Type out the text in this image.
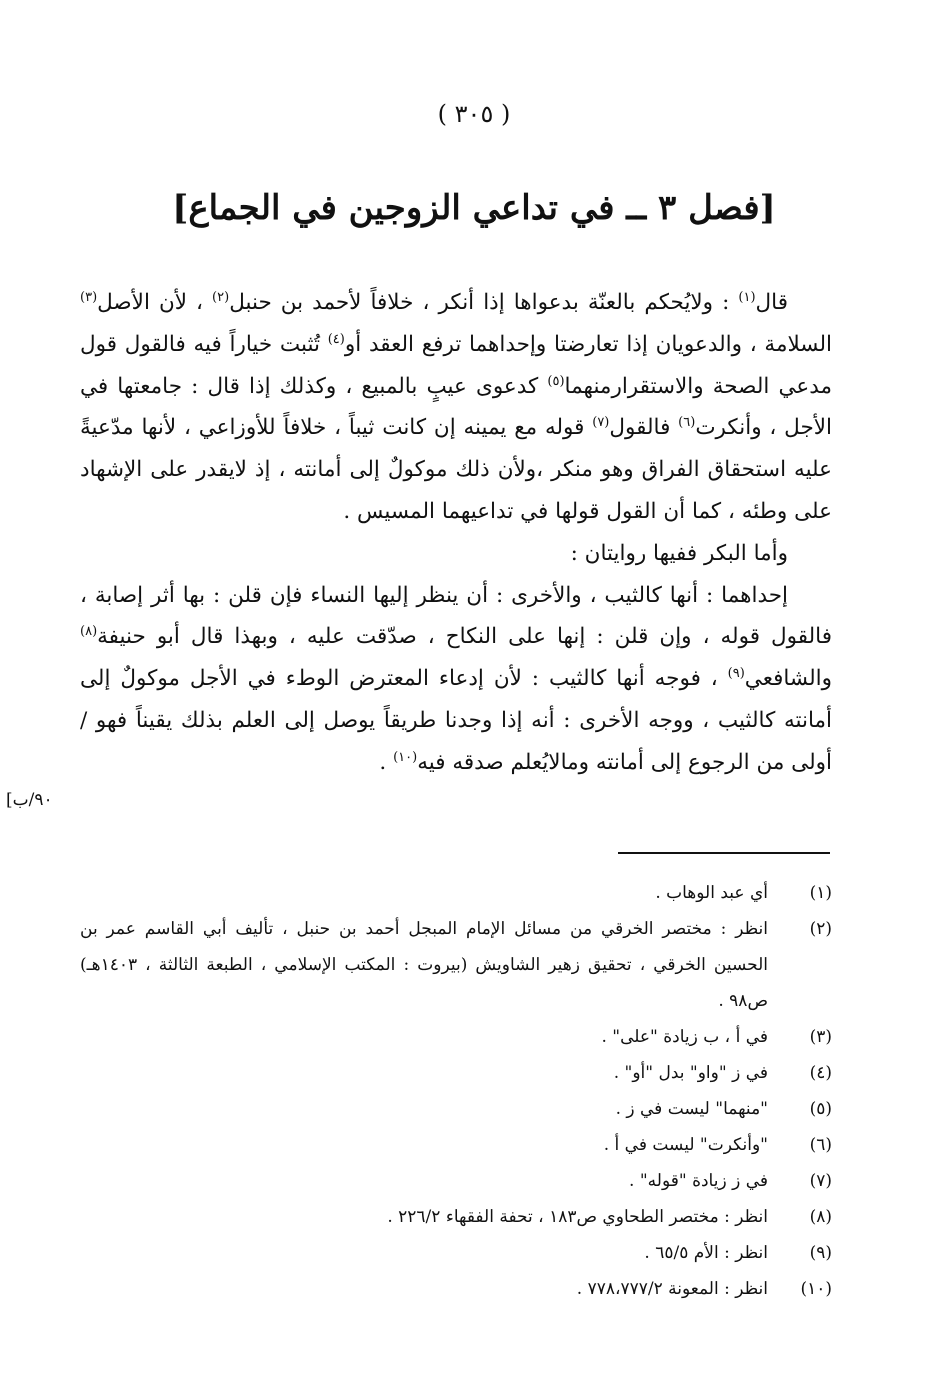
( ٣٠٥ )
[فصل ٣ ــ في تداعي الزوجين في الجماع]

قال$^{(١)}$ : ولايُحكم بالعنّة بدعواها إذا أنكر ، خلافاً لأحمد بن حنبل$^{(٢)}$ ، لأن الأصل$^{(٣)}$ السلامة ، والدعويان إذا تعارضتا وإحداهما ترفع العقد أو$^{(٤)}$ تُثبت خياراً فيه فالقول قول مدعي الصحة والاستقرارمنهما$^{(٥)}$ كدعوى عيبٍ بالمبيع ، وكذلك إذا قال : جامعتها في الأجل ، وأنكرت$^{(٦)}$ فالقول$^{(٧)}$ قوله مع يمينه إن كانت ثيباً ، خلافاً للأوزاعي ، لأنها مدّعيةً عليه استحقاق الفراق وهو منكر ،ولأن ذلك موكولٌ إلى أمانته ، إذ لايقدر على الإشهاد على وطئه ، كما أن القول قولها في تداعيهما المسيس .

وأما البكر ففيها روايتان :

إحداهما : أنها كالثيب ، والأخرى : أن ينظر إليها النساء فإن قلن : بها أثر إصابة ، فالقول قوله ، وإن قلن : إنها على النكاح ، صدّقت عليه ، وبهذا قال أبو حنيفة$^{(٨)}$ والشافعي$^{(٩)}$ ، فوجه أنها كالثيب : لأن إدعاء المعترض الوطء في الأجل موكولٌ إلى أمانته كالثيب ، ووجه الأخرى : أنه إذا وجدنا طريقاً يوصل إلى العلم بذلك يقيناً فهو / أولى من الرجوع إلى أمانته ومالايُعلم صدقه فيه$^{(١٠)}$ .

[٩٠/ب
(١)
أي عبد الوهاب .
(٢)
انظر : مختصر الخرقي من مسائل الإمام المبجل أحمد بن حنبل ، تأليف أبي القاسم عمر بن الحسين الخرقي ، تحقيق زهير الشاويش (بيروت : المكتب الإسلامي ، الطبعة الثالثة ، ١٤٠٣هـ) ص٩٨ .
(٣)
في أ ، ب زيادة "على" .
(٤)
في ز "واو" بدل "أو" .
(٥)
"منهما" ليست في ز .
(٦)
"وأنكرت" ليست في أ .
(٧)
في ز زيادة "قوله" .
(٨)
انظر : مختصر الطحاوي ص١٨٣ ، تحفة الفقهاء ٢٢٦/٢ .
(٩)
انظر : الأم ٦٥/٥ .
(١٠)
انظر : المعونة ٧٧٨،٧٧٧/٢ .
